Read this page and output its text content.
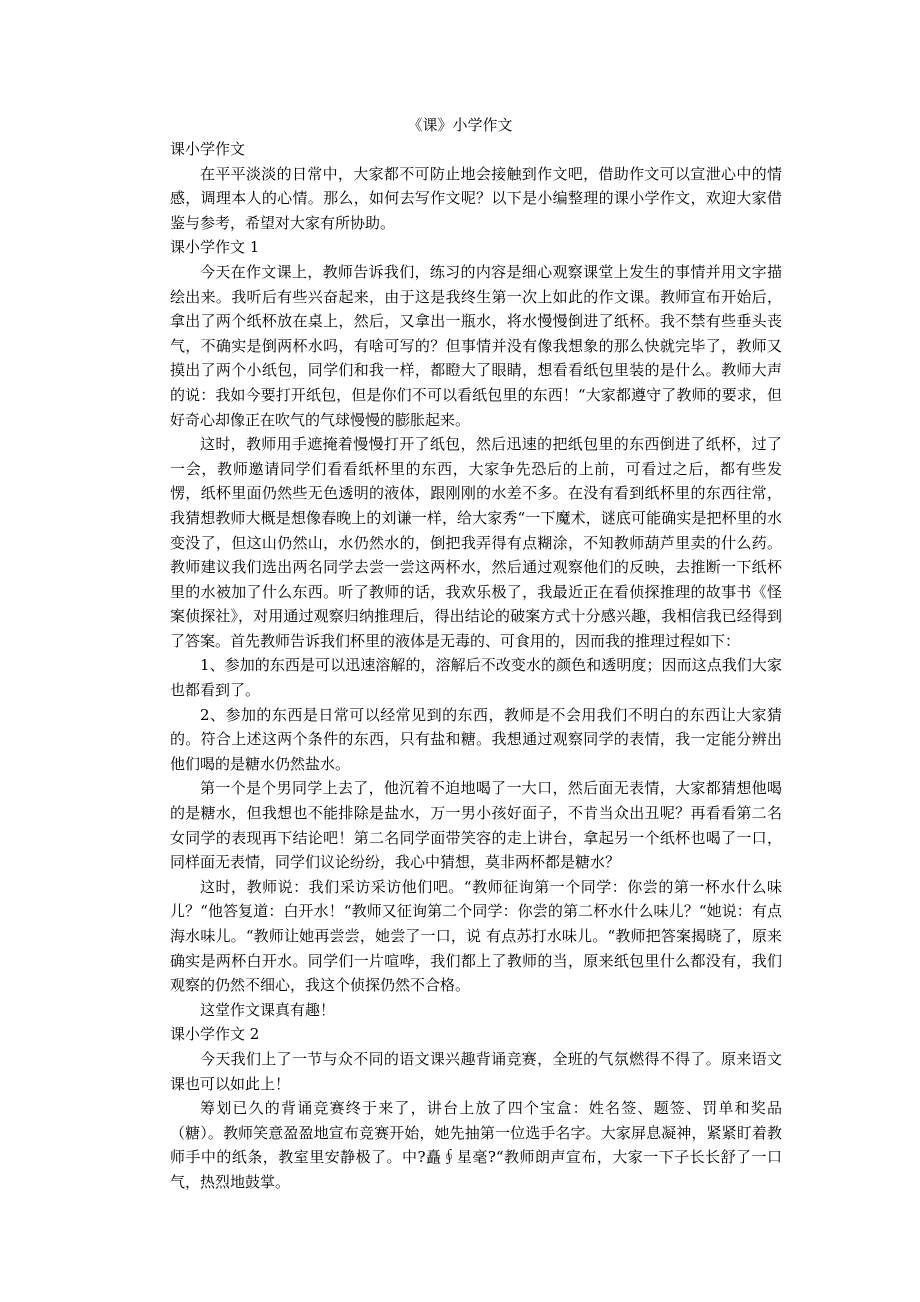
《课》小学作文

课小学作文

在平平淡淡的日常中，大家都不可防止地会接触到作文吧，借助作文可以宣泄心中的情感，调理本人的心情。那么，如何去写作文呢？以下是小编整理的课小学作文，欢迎大家借鉴与参考，希望对大家有所协助。

课小学作文 1

今天在作文课上，教师告诉我们，练习的内容是细心观察课堂上发生的事情并用文字描绘出来。我听后有些兴奋起来，由于这是我终生第一次上如此的作文课。教师宣布开始后，拿出了两个纸杯放在桌上，然后，又拿出一瓶水，将水慢慢倒进了纸杯。我不禁有些垂头丧气，不确实是倒两杯水吗，有啥可写的？但事情并没有像我想象的那么快就完毕了，教师又摸出了两个小纸包，同学们和我一样，都瞪大了眼睛，想看看纸包里装的是什么。教师大声的说：我如今要打开纸包，但是你们不可以看纸包里的东西！“大家都遵守了教师的要求，但好奇心却像正在吹气的气球慢慢的膨胀起来。

这时，教师用手遮掩着慢慢打开了纸包，然后迅速的把纸包里的东西倒进了纸杯，过了一会，教师邀请同学们看看纸杯里的东西，大家争先恐后的上前，可看过之后，都有些发愣，纸杯里面仍然些无色透明的液体，跟刚刚的水差不多。在没有看到纸杯里的东西往常，我猜想教师大概是想像春晚上的刘谦一样，给大家秀“一下魔术，谜底可能确实是把杯里的水变没了，但这山仍然山，水仍然水的，倒把我弄得有点糊涂，不知教师葫芦里卖的什么药。教师建议我们选出两名同学去尝一尝这两杯水，然后通过观察他们的反映，去推断一下纸杯里的水被加了什么东西。听了教师的话，我欢乐极了，我最近正在看侦探推理的故事书《怪案侦探社》，对用通过观察归纳推理后，得出结论的破案方式十分感兴趣，我相信我已经得到了答案。首先教师告诉我们杯里的液体是无毒的、可食用的，因而我的推理过程如下：

1、参加的东西是可以迅速溶解的，溶解后不改变水的颜色和透明度；因而这点我们大家也都看到了。

2、参加的东西是日常可以经常见到的东西，教师是不会用我们不明白的东西让大家猜的。符合上述这两个条件的东西，只有盐和糖。我想通过观察同学的表情，我一定能分辨出他们喝的是糖水仍然盐水。

第一个是个男同学上去了，他沉着不迫地喝了一大口，然后面无表情，大家都猜想他喝的是糖水，但我想也不能排除是盐水，万一男小孩好面子，不肯当众出丑呢？再看看第二名女同学的表现再下结论吧！第二名同学面带笑容的走上讲台，拿起另一个纸杯也喝了一口，同样面无表情，同学们议论纷纷，我心中猜想，莫非两杯都是糖水？

这时，教师说：我们采访采访他们吧。“教师征询第一个同学：你尝的第一杯水什么味儿？“他答复道：白开水！“教师又征询第二个同学：你尝的第二杯水什么味儿？“她说：有点海水味儿。“教师让她再尝尝，她尝了一口，说 有点苏打水味儿。“教师把答案揭晓了，原来确实是两杯白开水。同学们一片喧哗，我们都上了教师的当，原来纸包里什么都没有，我们观察的仍然不细心，我这个侦探仍然不合格。

这堂作文课真有趣！

课小学作文 2

今天我们上了一节与众不同的语文课兴趣背诵竞赛，全班的气氛燃得不得了。原来语文课也可以如此上！

筹划已久的背诵竞赛终于来了，讲台上放了四个宝盒：姓名签、题签、罚单和奖品（糖）。教师笑意盈盈地宣布竞赛开始，她先抽第一位选手名字。大家屏息凝神，紧紧盯着教师手中的纸条，教室里安静极了。中?矗∮星毫?“教师朗声宣布，大家一下子长长舒了一口气，热烈地鼓掌。
